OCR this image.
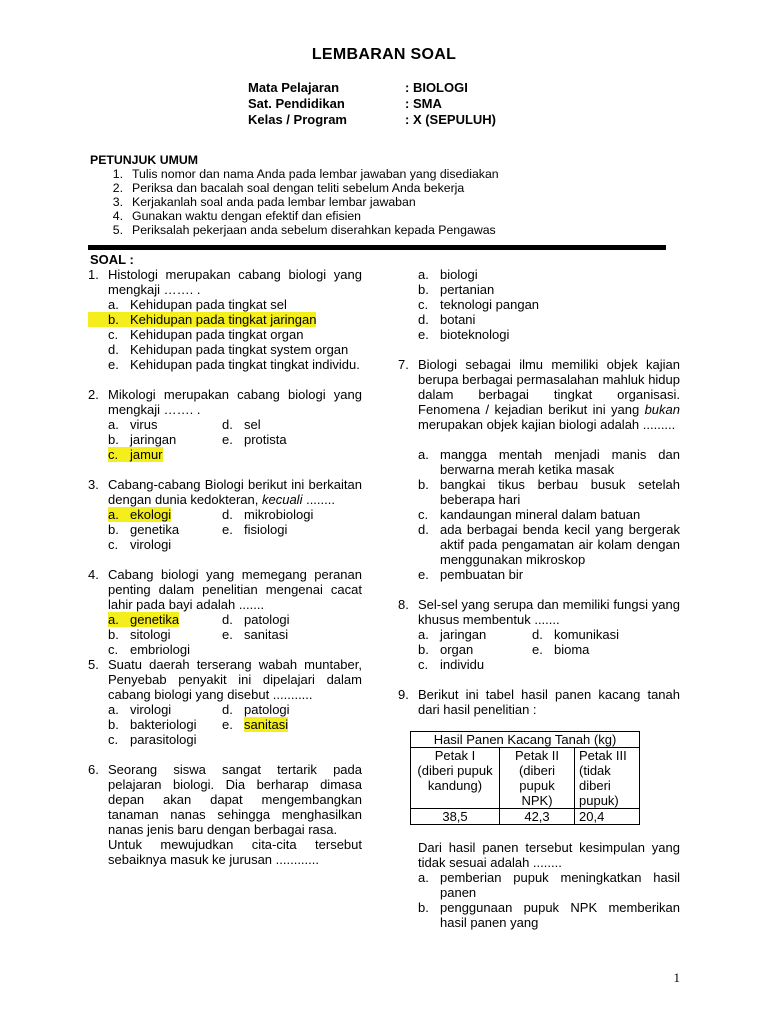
LEMBARAN SOAL
Mata Pelajaran	: BIOLOGI
Sat. Pendidikan	: SMA
Kelas / Program	: X (SEPULUH)
PETUNJUK UMUM
1. Tulis nomor dan nama Anda pada lembar jawaban yang disediakan
2. Periksa dan bacalah soal dengan teliti sebelum Anda bekerja
3. Kerjakanlah soal anda pada lembar lembar jawaban
4. Gunakan waktu dengan efektif dan efisien
5. Periksalah pekerjaan anda sebelum diserahkan kepada Pengawas
SOAL :
1. Histologi merupakan cabang biologi yang mengkaji ……. .
a. Kehidupan pada tingkat sel
b. Kehidupan pada tingkat jaringan
c. Kehidupan pada tingkat organ
d. Kehidupan pada tingkat system organ
e. Kehidupan pada tingkat tingkat individu.
2. Mikologi merupakan cabang biologi yang mengkaji ……. .
a. virus	d. sel
b. jaringan	e. protista
c. jamur
3. Cabang-cabang Biologi berikut ini berkaitan dengan dunia kedokteran, kecuali ........
a. ekologi	d. mikrobiologi
b. genetika	e. fisiologi
c. virologi
4. Cabang biologi yang memegang peranan penting dalam penelitian mengenai cacat lahir pada bayi adalah .......
a. genetika	d. patologi
b. sitologi	e. sanitasi
c. embriologi
5. Suatu daerah terserang wabah muntaber, Penyebab penyakit ini dipelajari dalam cabang biologi yang disebut ...........
a. virologi	d. patologi
b. bakteriologi e. sanitasi
c. parasitologi
6. Seorang siswa sangat tertarik pada pelajaran biologi. Dia berharap dimasa depan akan dapat mengembangkan tanaman nanas sehingga menghasilkan nanas jenis baru dengan berbagai rasa.
Untuk mewujudkan cita-cita tersebut sebaiknya masuk ke jurusan ............
a. biologi
b. pertanian
c. teknologi pangan
d. botani
e. bioteknologi
7. Biologi sebagai ilmu memiliki objek kajian berupa berbagai permasalahan mahluk hidup dalam berbagai tingkat organisasi. Fenomena / kejadian berikut ini yang bukan merupakan objek kajian biologi adalah .........
a. mangga mentah menjadi manis dan berwarna merah ketika masak
b. bangkai tikus berbau busuk setelah beberapa hari
c. kandaungan mineral dalam batuan
d. ada berbagai benda kecil yang bergerak aktif pada pengamatan air kolam dengan menggunakan mikroskop
e. pembuatan bir
8. Sel-sel yang serupa dan memiliki fungsi yang khusus membentuk .......
a. jaringan	d. komunikasi
b. organ	e. bioma
c. individu
9. Berikut ini tabel hasil panen kacang tanah dari hasil penelitian :
Hasil Panen Kacang Tanah (kg)		
Petak I (diberi pupuk kandung)	Petak II (diberi pupuk NPK)	Petak III (tidak diberi pupuk)
38,5	42,3	20,4
Dari hasil panen tersebut kesimpulan yang tidak sesuai adalah ........
a. pemberian pupuk meningkatkan hasil panen
b. penggunaan pupuk NPK memberikan hasil panen yang
1
